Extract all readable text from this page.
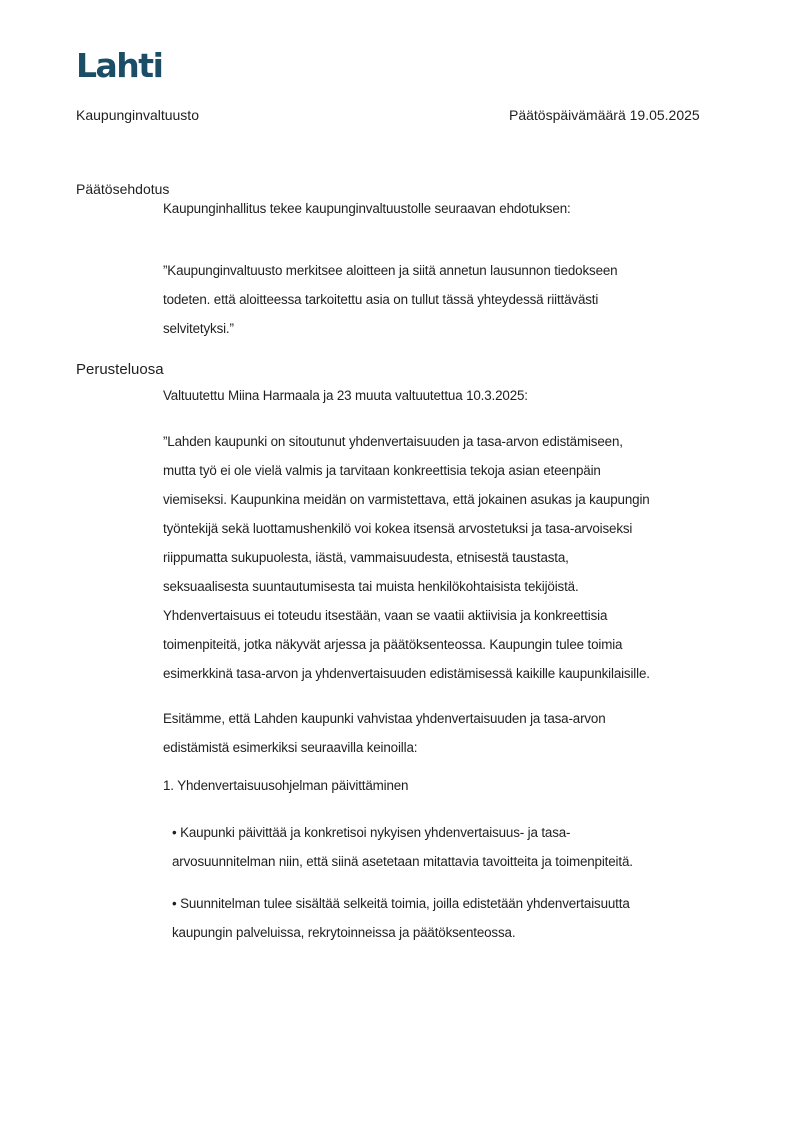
Lahti
Kaupunginvaltuusto	Päätöspäivämäärä 19.05.2025
Päätösehdotus
Kaupunginhallitus tekee kaupunginvaltuustolle seuraavan ehdotuksen:
”Kaupunginvaltuusto merkitsee aloitteen ja siitä annetun lausunnon tiedokseen
todeten. että aloitteessa tarkoitettu asia on tullut tässä yhteydessä riittävästi
selvitetyksi.”
Perusteluosa
Valtuutettu Miina Harmaala ja 23 muuta valtuutettua 10.3.2025:
”Lahden kaupunki on sitoutunut yhdenvertaisuuden ja tasa-arvon edistämiseen,
mutta työ ei ole vielä valmis ja tarvitaan konkreettisia tekoja asian eteenpäin
viemiseksi. Kaupunkina meidän on varmistettava, että jokainen asukas ja kaupungin
työntekijä sekä luottamushenkilö voi kokea itsensä arvostetuksi ja tasa-arvoiseksi
riippumatta sukupuolesta, iästä, vammaisuudesta, etnisestä taustasta,
seksuaalisesta suuntautumisesta tai muista henkilökohtaisista tekijöistä.
Yhdenvertaisuus ei toteudu itsestään, vaan se vaatii aktiivisia ja konkreettisia
toimenpiteitä, jotka näkyvät arjessa ja päätöksenteossa. Kaupungin tulee toimia
esimerkkinä tasa-arvon ja yhdenvertaisuuden edistämisessä kaikille kaupunkilaisille.
Esitämme, että Lahden kaupunki vahvistaa yhdenvertaisuuden ja tasa-arvon
edistämistä esimerkiksi seuraavilla keinoilla:
1. Yhdenvertaisuusohjelman päivittäminen
• Kaupunki päivittää ja konkretisoi nykyisen yhdenvertaisuus- ja tasa-
arvosuunnitelman niin, että siinä asetetaan mitattavia tavoitteita ja toimenpiteitä.
• Suunnitelman tulee sisältää selkeitä toimia, joilla edistetään yhdenvertaisuutta
kaupungin palveluissa, rekrytoinneissa ja päätöksenteossa.
